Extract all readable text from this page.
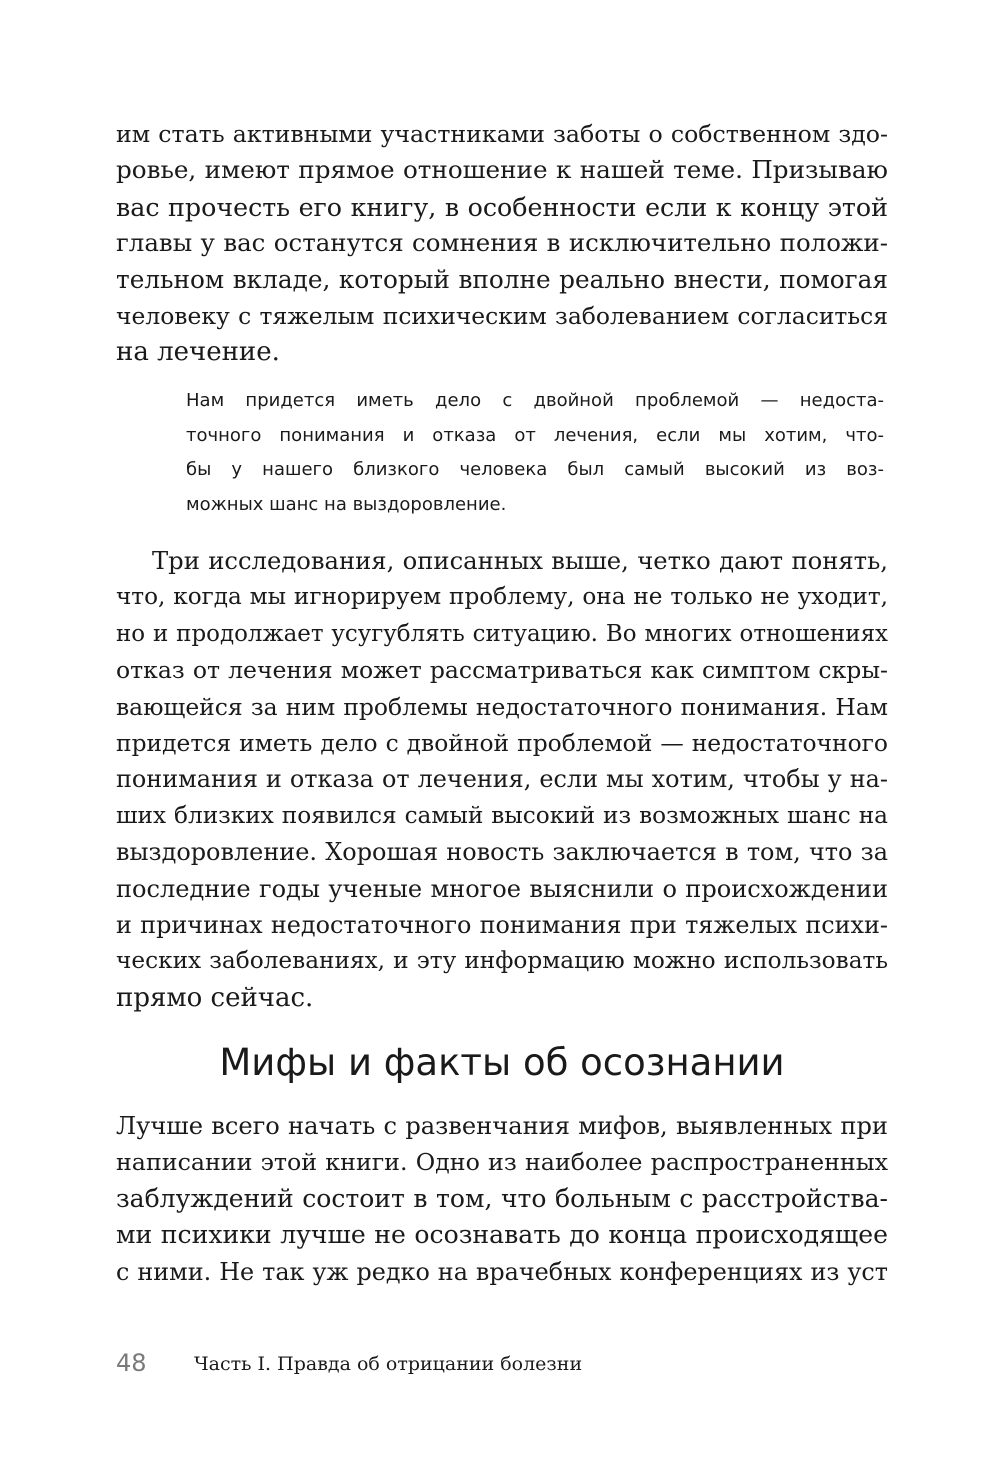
им стать активными участниками заботы о собственном здо-
ровье, имеют прямое отношение к нашей теме. Призываю
вас прочесть его книгу, в особенности если к концу этой
главы у вас останутся сомнения в исключительно положи-
тельном вкладе, который вполне реально внести, помогая
человеку с тяжелым психическим заболеванием согласиться
на лечение.
Нам придется иметь дело с двойной проблемой — недоста-
точного понимания и отказа от лечения, если мы хотим, что-
бы у нашего близкого человека был самый высокий из воз-
можных шанс на выздоровление.
Три исследования, описанных выше, четко дают понять,
что, когда мы игнорируем проблему, она не только не уходит,
но и продолжает усугублять ситуацию. Во многих отношениях
отказ от лечения может рассматриваться как симптом скры-
вающейся за ним проблемы недостаточного понимания. Нам
придется иметь дело с двойной проблемой — недостаточного
понимания и отказа от лечения, если мы хотим, чтобы у на-
ших близких появился самый высокий из возможных шанс на
выздоровление. Хорошая новость заключается в том, что за
последние годы ученые многое выяснили о происхождении
и причинах недостаточного понимания при тяжелых психи-
ческих заболеваниях, и эту информацию можно использовать
прямо сейчас.
Мифы и факты об осознании
Лучше всего начать с развенчания мифов, выявленных при
написании этой книги. Одно из наиболее распространенных
заблуждений состоит в том, что больным с расстройства-
ми психики лучше не осознавать до конца происходящее
с ними. Не так уж редко на врачебных конференциях из уст
48 Часть I. Правда об отрицании болезни
